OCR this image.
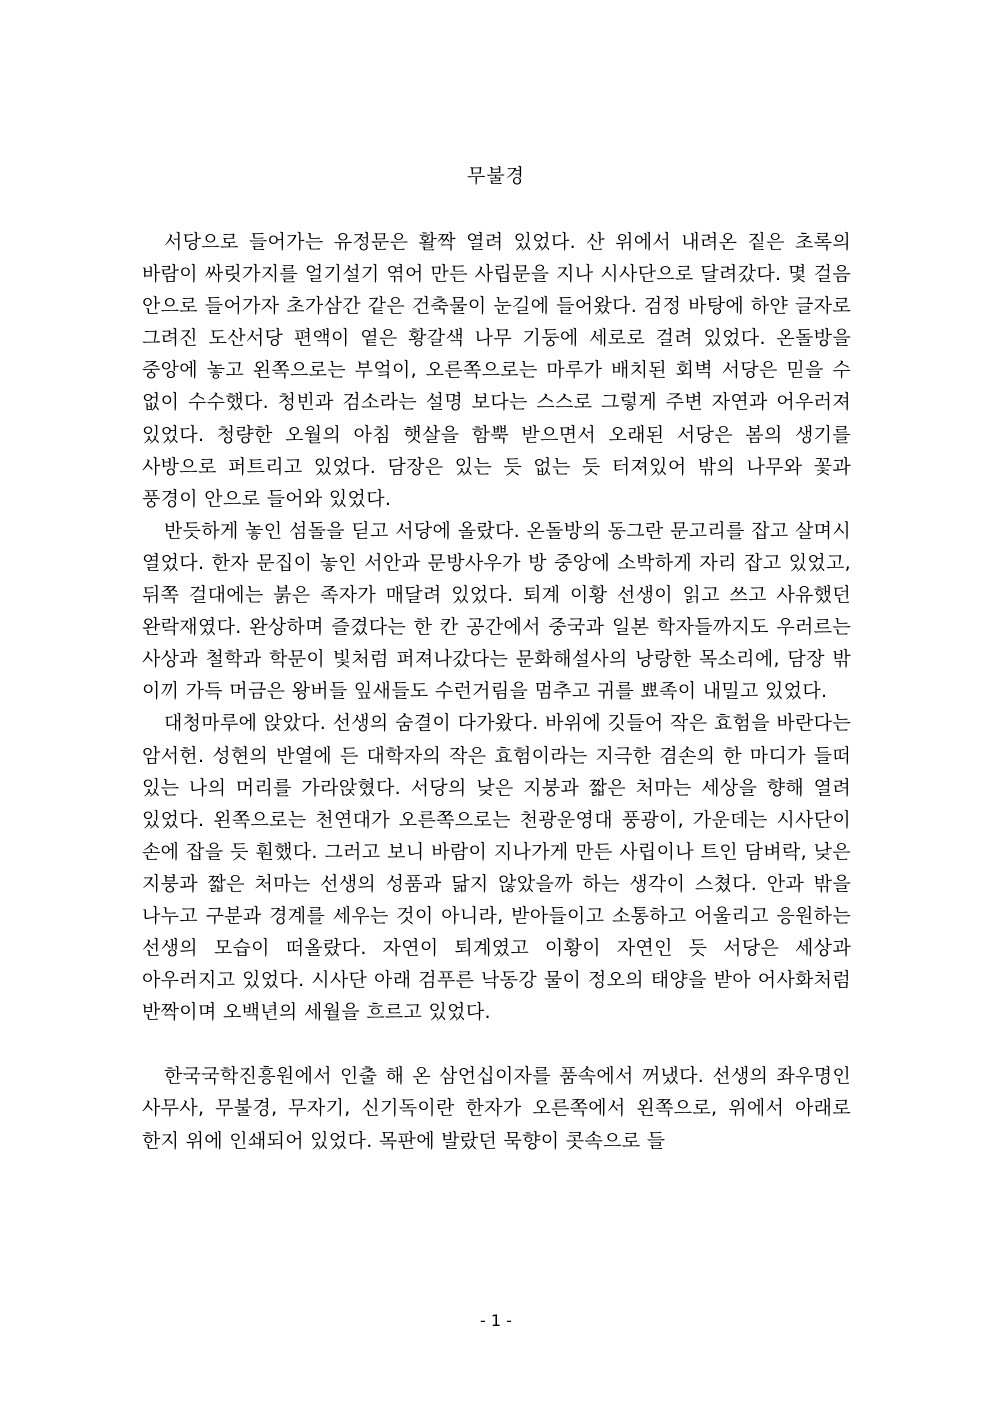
무불경

서당으로 들어가는 유정문은 활짝 열려 있었다. 산 위에서 내려온 짙은 초록의 바람이 싸릿가지를 얼기설기 엮어 만든 사립문을 지나 시사단으로 달려갔다. 몇 걸음 안으로 들어가자 초가삼간 같은 건축물이 눈길에 들어왔다. 검정 바탕에 하얀 글자로 그려진 도산서당 편액이 옅은 황갈색 나무 기둥에 세로로 걸려 있었다. 온돌방을 중앙에 놓고 왼쪽으로는 부엌이, 오른쪽으로는 마루가 배치된 회벽 서당은 믿을 수 없이 수수했다. 청빈과 검소라는 설명 보다는 스스로 그렇게 주변 자연과 어우러져 있었다. 청량한 오월의 아침 햇살을 함뿍 받으면서 오래된 서당은 봄의 생기를 사방으로 퍼트리고 있었다. 담장은 있는 듯 없는 듯 터져있어 밖의 나무와 꽃과 풍경이 안으로 들어와 있었다.

반듯하게 놓인 섬돌을 딛고 서당에 올랐다. 온돌방의 동그란 문고리를 잡고 살며시 열었다. 한자 문집이 놓인 서안과 문방사우가 방 중앙에 소박하게 자리 잡고 있었고, 뒤쪽 걸대에는 붉은 족자가 매달려 있었다. 퇴계 이황 선생이 읽고 쓰고 사유했던 완락재였다. 완상하며 즐겼다는 한 칸 공간에서 중국과 일본 학자들까지도 우러르는 사상과 철학과 학문이 빛처럼 퍼져나갔다는 문화해설사의 낭랑한 목소리에, 담장 밖 이끼 가득 머금은 왕버들 잎새들도 수런거림을 멈추고 귀를 뾰족이 내밀고 있었다.

대청마루에 앉았다. 선생의 숨결이 다가왔다. 바위에 깃들어 작은 효험을 바란다는 암서헌. 성현의 반열에 든 대학자의 작은 효험이라는 지극한 겸손의 한 마디가 들떠 있는 나의 머리를 가라앉혔다. 서당의 낮은 지붕과 짧은 처마는 세상을 향해 열려 있었다. 왼쪽으로는 천연대가 오른쪽으로는 천광운영대 풍광이, 가운데는 시사단이 손에 잡을 듯 훤했다. 그러고 보니 바람이 지나가게 만든 사립이나 트인 담벼락, 낮은 지붕과 짧은 처마는 선생의 성품과 닮지 않았을까 하는 생각이 스쳤다. 안과 밖을 나누고 구분과 경계를 세우는 것이 아니라, 받아들이고 소통하고 어울리고 응원하는 선생의 모습이 떠올랐다. 자연이 퇴계였고 이황이 자연인 듯 서당은 세상과 아우러지고 있었다. 시사단 아래 검푸른 낙동강 물이 정오의 태양을 받아 어사화처럼 반짝이며 오백년의 세월을 흐르고 있었다.

한국국학진흥원에서 인출 해 온 삼언십이자를 품속에서 꺼냈다. 선생의 좌우명인 사무사, 무불경, 무자기, 신기독이란 한자가 오른쪽에서 왼쪽으로, 위에서 아래로 한지 위에 인쇄되어 있었다. 목판에 발랐던 묵향이 콧속으로 들

- 1 -
